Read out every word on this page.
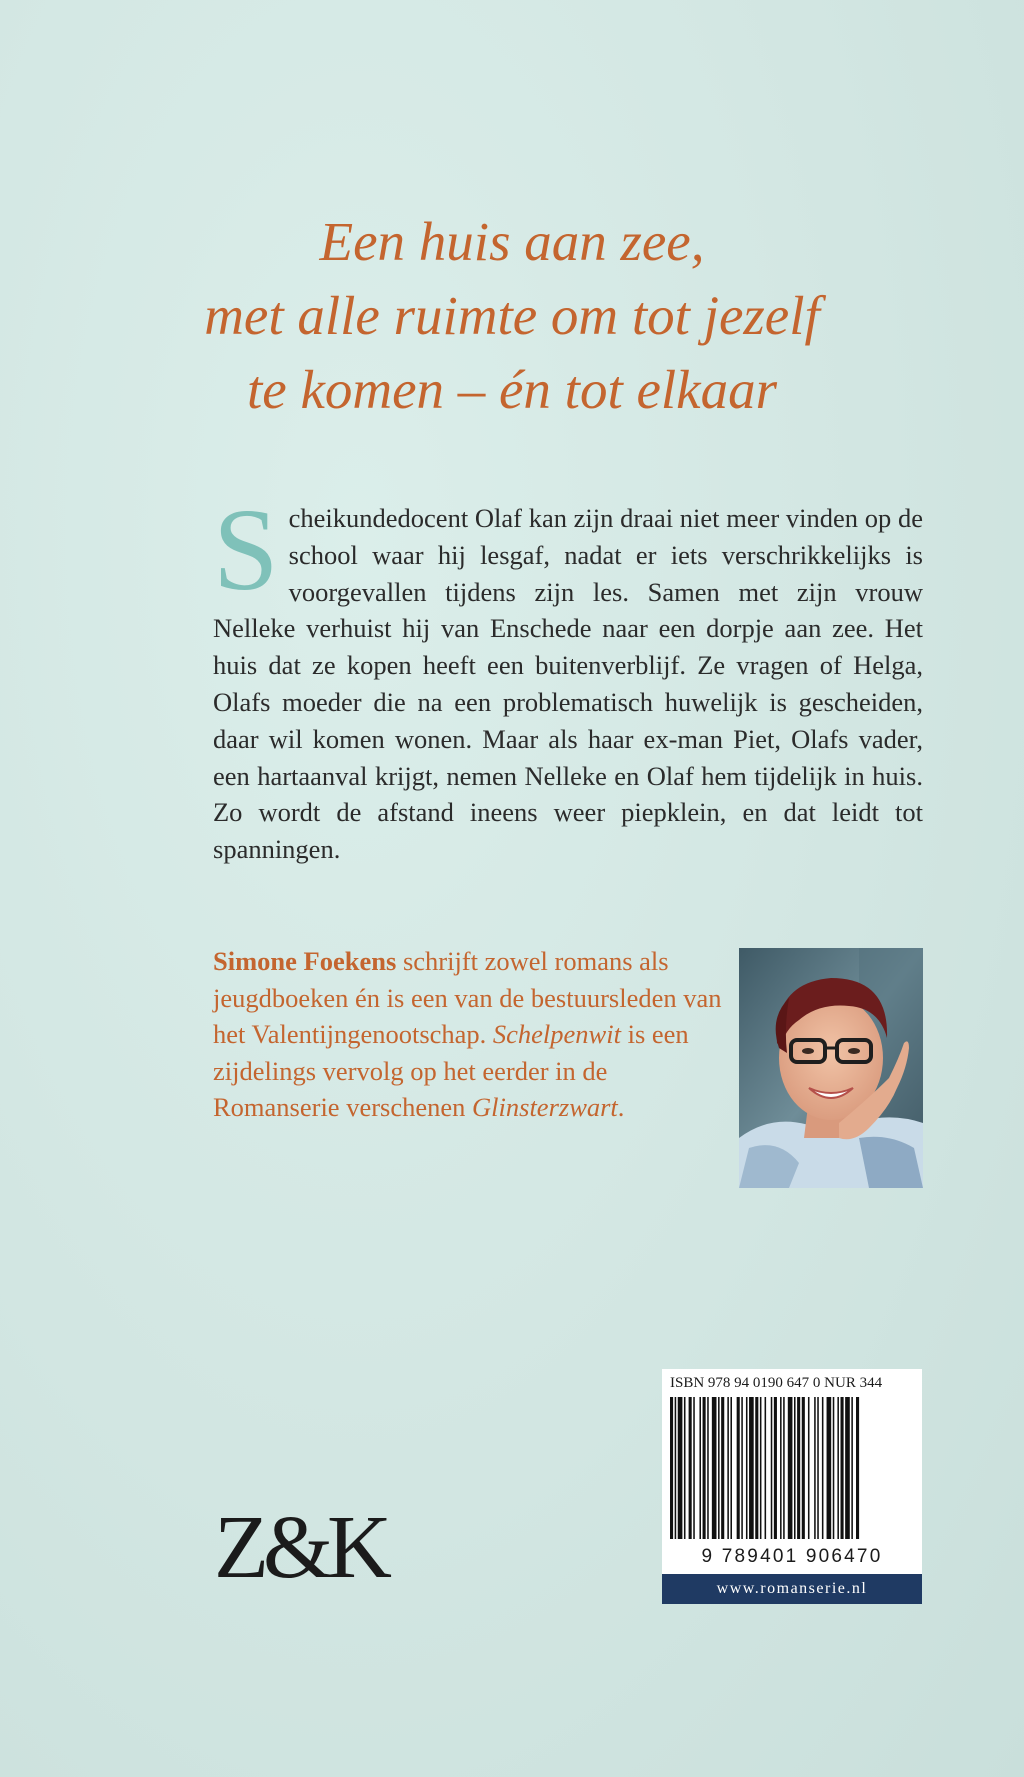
Een huis aan zee,
met alle ruimte om tot jezelf
te komen – én tot elkaar
Scheikundedocent Olaf kan zijn draai niet meer vinden op de school waar hij lesgaf, nadat er iets verschrikkelijks is voorgevallen tijdens zijn les. Samen met zijn vrouw Nelleke verhuist hij van Enschede naar een dorpje aan zee. Het huis dat ze kopen heeft een buitenverblijf. Ze vragen of Helga, Olafs moeder die na een problematisch huwelijk is gescheiden, daar wil komen wonen. Maar als haar ex-man Piet, Olafs vader, een hartaanval krijgt, nemen Nelleke en Olaf hem tijdelijk in huis. Zo wordt de afstand ineens weer piepklein, en dat leidt tot spanningen.
Simone Foekens schrijft zowel romans als jeugdboeken én is een van de bestuursleden van het Valentijngenootschap. Schelpenwit is een zijdelings vervolg op het eerder in de Romanserie verschenen Glinsterzwart.
Z&K
ISBN 978 94 0190 647 0 NUR 344
9 789401 906470
www.romanserie.nl
